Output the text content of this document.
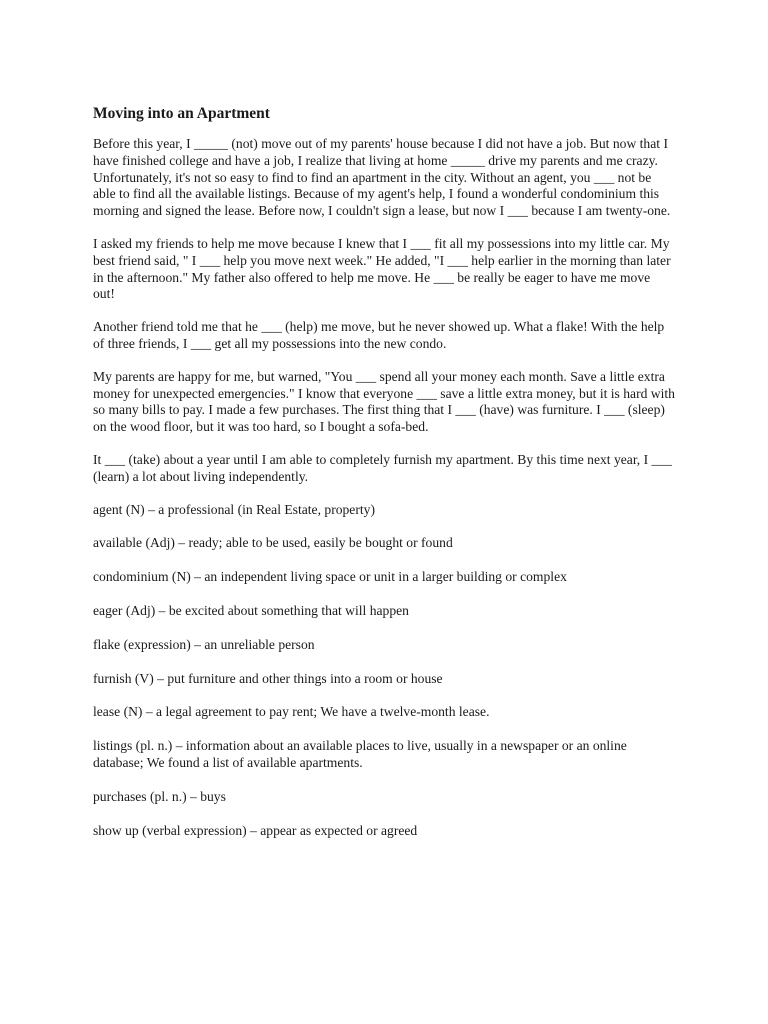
Moving into an Apartment

Before this year, I _____ (not) move out of my parents' house because I did not have a job. But now that I have finished college and have a job, I realize that living at home _____ drive my parents and me crazy. Unfortunately, it's not so easy to find to find an apartment in the city. Without an agent, you ___ not be able to find all the available listings. Because of my agent's help, I found a wonderful condominium this morning and signed the lease. Before now, I couldn't sign a lease, but now I ___ because I am twenty-one.

I asked my friends to help me move because I knew that I ___ fit all my possessions into my little car. My best friend said, " I ___ help you move next week." He added, "I ___ help earlier in the morning than later in the afternoon." My father also offered to help me move. He ___ be really be eager to have me move out!

Another friend told me that he ___ (help) me move, but he never showed up. What a flake! With the help of three friends, I ___ get all my possessions into the new condo.

My parents are happy for me, but warned, "You ___ spend all your money each month. Save a little extra money for unexpected emergencies." I know that everyone ___ save a little extra money, but it is hard with so many bills to pay. I made a few purchases. The first thing that I ___ (have) was furniture. I ___ (sleep) on the wood floor, but it was too hard, so I bought a sofa-bed.

It ___ (take) about a year until I am able to completely furnish my apartment. By this time next year, I ___ (learn) a lot about living independently.

agent (N) – a professional (in Real Estate, property)
available (Adj) – ready; able to be used, easily be bought or found
condominium (N) – an independent living space or unit in a larger building or complex
eager (Adj) – be excited about something that will happen
flake (expression) – an unreliable person
furnish (V) – put furniture and other things into a room or house
lease (N) – a legal agreement to pay rent; We have a twelve-month lease.
listings (pl. n.) – information about an available places to live, usually in a newspaper or an online database; We found a list of available apartments.
purchases (pl. n.) – buys
show up (verbal expression) – appear as expected or agreed
